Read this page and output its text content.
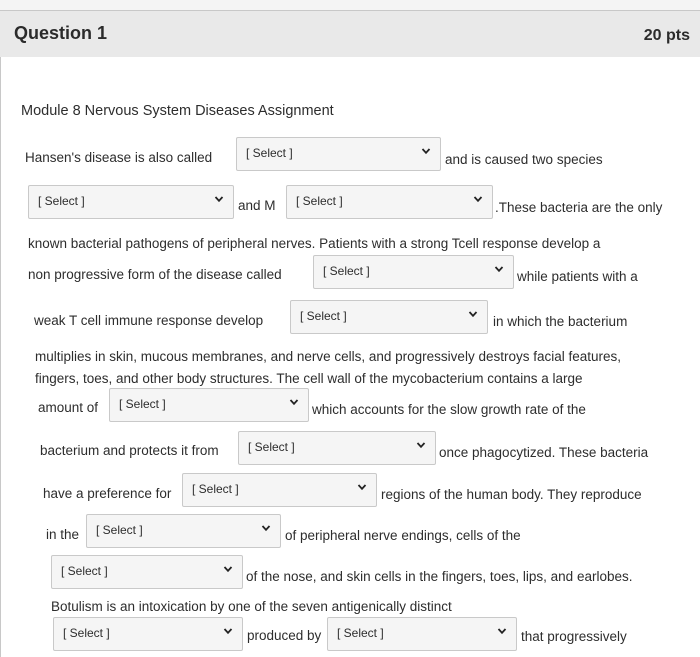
Question 1	20 pts
Module 8 Nervous System Diseases Assignment
Hansen's disease is also called	[ Select ]	and is caused two species
[ Select ]	and M [ Select ]	.These bacteria are the only
known bacterial pathogens of peripheral nerves. Patients with a strong Tcell response develop a
non progressive form of the disease called	[ Select ]	while patients with a
weak T cell immune response develop	[ Select ]	in which the bacterium
multiplies in skin, mucous membranes, and nerve cells, and progressively destroys facial features,
fingers, toes, and other body structures. The cell wall of the mycobacterium contains a large
amount of [ Select ]	which accounts for the slow growth rate of the
bacterium and protects it from [ Select ]	once phagocytized. These bacteria
have a preference for [ Select ]	regions of the human body. They reproduce
in the [ Select ]	of peripheral nerve endings, cells of the
[ Select ]	of the nose, and skin cells in the fingers, toes, lips, and earlobes.
Botulism is an intoxication by one of the seven antigenically distinct
[ Select ]	produced by [ Select ]	that progressively
